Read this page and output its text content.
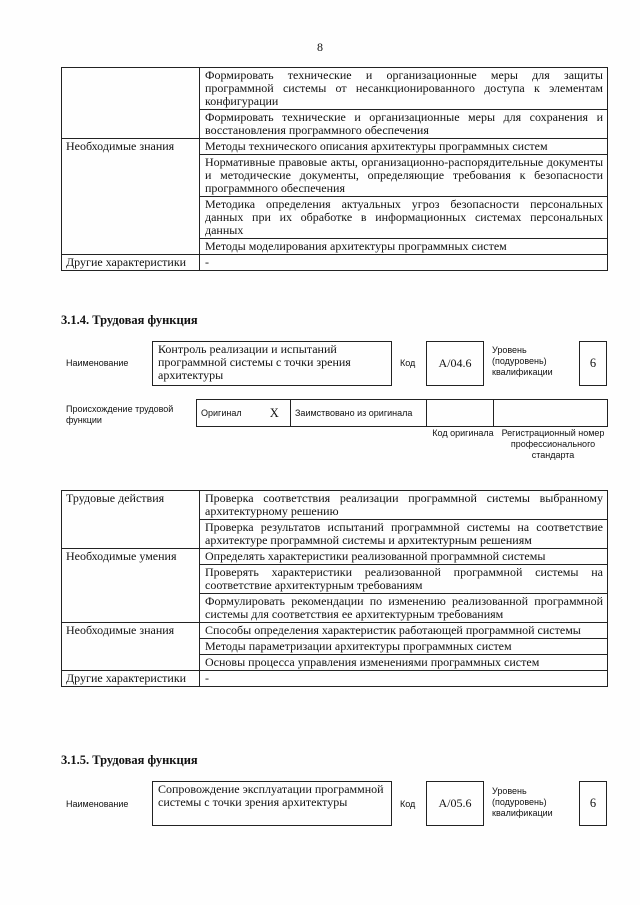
8
	Формировать технические и организационные меры для защиты программной системы от несанкционированного доступа к элементам конфигурации
	Формировать технические и организационные меры для сохранения и восстановления программного обеспечения
Необходимые знания	Методы технического описания архитектуры программных систем
	Нормативные правовые акты, организационно-распорядительные документы и методические документы, определяющие требования к безопасности программного обеспечения
	Методика определения актуальных угроз безопасности персональных данных при их обработке в информационных системах персональных данных
	Методы моделирования архитектуры программных систем
Другие характеристики	-
3.1.4. Трудовая функция
Наименование
Контроль реализации и испытаний программной системы с точки зрения архитектуры
Код	A/04.6
Уровень (подуровень) квалификации
6
Происхождение трудовой функции
Оригинал	X	Заимствовано из оригинала		
Код оригинала Регистрационный номер профессионального стандарта
Трудовые действия	Проверка соответствия реализации программной системы выбранному архитектурному решению
	Проверка результатов испытаний программной системы на соответствие архитектуре программной системы и архитектурным решениям
Необходимые умения	Определять характеристики реализованной программной системы
	Проверять характеристики реализованной программной системы на соответствие архитектурным требованиям
	Формулировать рекомендации по изменению реализованной программной системы для соответствия ее архитектурным требованиям
Необходимые знания	Способы определения характеристик работающей программной системы
	Методы параметризации архитектуры программных систем
	Основы процесса управления изменениями программных систем
Другие характеристики	-
3.1.5. Трудовая функция
Наименование
Сопровождение эксплуатации программной системы с точки зрения архитектуры	Код	A/05.6
Уровень (подуровень) квалификации
6
